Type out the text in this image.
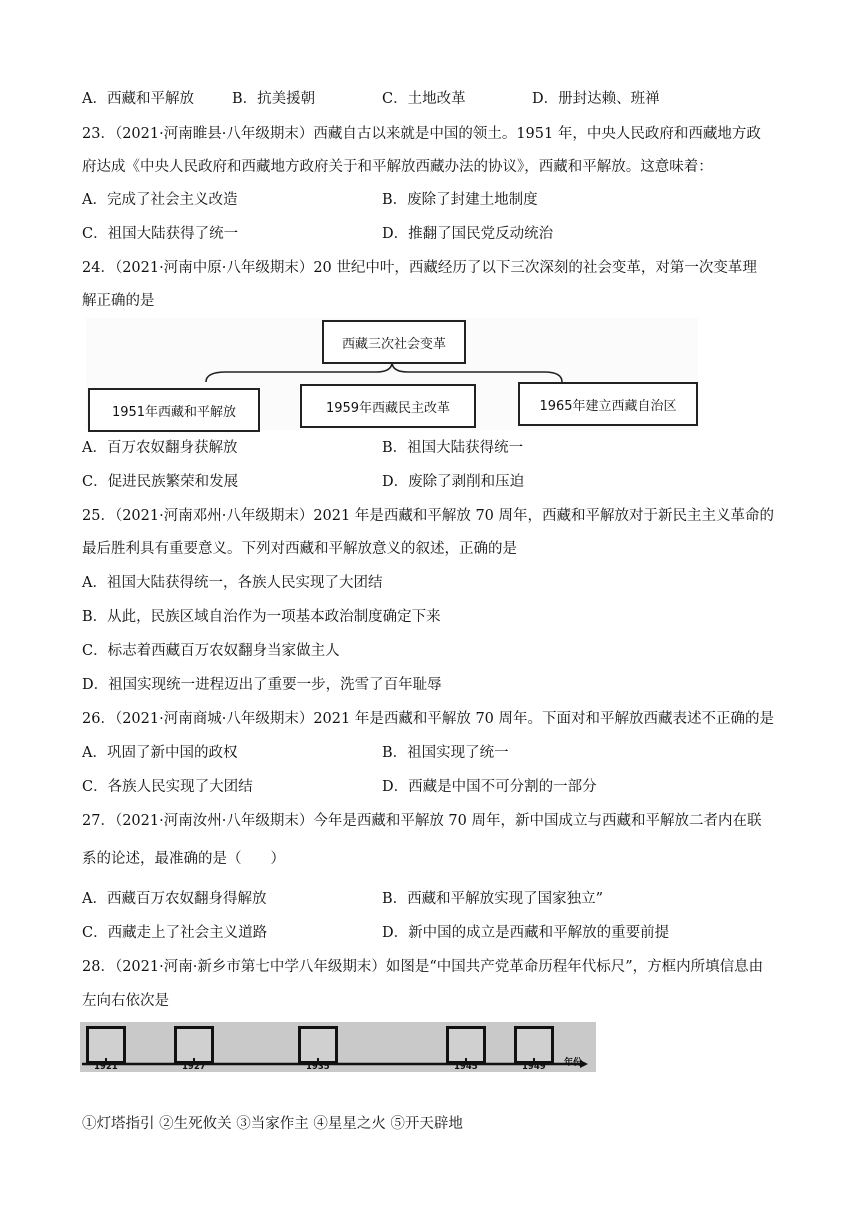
A．西藏和平解放	B．抗美援朝	C．土地改革	D．册封达赖、班禅
23．（2021·河南睢县·八年级期末）西藏自古以来就是中国的领土。1951 年，中央人民政府和西藏地方政
府达成《中央人民政府和西藏地方政府关于和平解放西藏办法的协议》，西藏和平解放。这意味着：
A．完成了社会主义改造	B．废除了封建土地制度
C．祖国大陆获得了统一	D．推翻了国民党反动统治
24．（2021·河南中原·八年级期末）20 世纪中叶，西藏经历了以下三次深刻的社会变革，对第一次变革理
解正确的是
西藏三次社会变革
1951年西藏和平解放	1959年西藏民主改革	1965年建立西藏自治区
A．百万农奴翻身获解放	B．祖国大陆获得统一
C．促进民族繁荣和发展	D．废除了剥削和压迫
25．（2021·河南邓州·八年级期末）2021 年是西藏和平解放 70 周年，西藏和平解放对于新民主主义革命的
最后胜利具有重要意义。下列对西藏和平解放意义的叙述，正确的是
A．祖国大陆获得统一，各族人民实现了大团结
B．从此，民族区域自治作为一项基本政治制度确定下来
C．标志着西藏百万农奴翻身当家做主人
D．祖国实现统一进程迈出了重要一步，洗雪了百年耻辱
26．（2021·河南商城·八年级期末）2021 年是西藏和平解放 70 周年。下面对和平解放西藏表述不正确的是
A．巩固了新中国的政权	B．祖国实现了统一
C．各族人民实现了大团结	D．西藏是中国不可分割的一部分
27．（2021·河南汝州·八年级期末）今年是西藏和平解放 70 周年，新中国成立与西藏和平解放二者内在联
系的论述，最准确的是（　　）
A．西藏百万农奴翻身得解放	B．西藏和平解放实现了国家独立”
C．西藏走上了社会主义道路	D．新中国的成立是西藏和平解放的重要前提
28．（2021·河南·新乡市第七中学八年级期末）如图是“中国共产党革命历程年代标尺”，方框内所填信息由
左向右依次是
1921	1927	1935	1945	1949 年份
①灯塔指引 ②生死攸关 ③当家作主 ④星星之火 ⑤开天辟地
